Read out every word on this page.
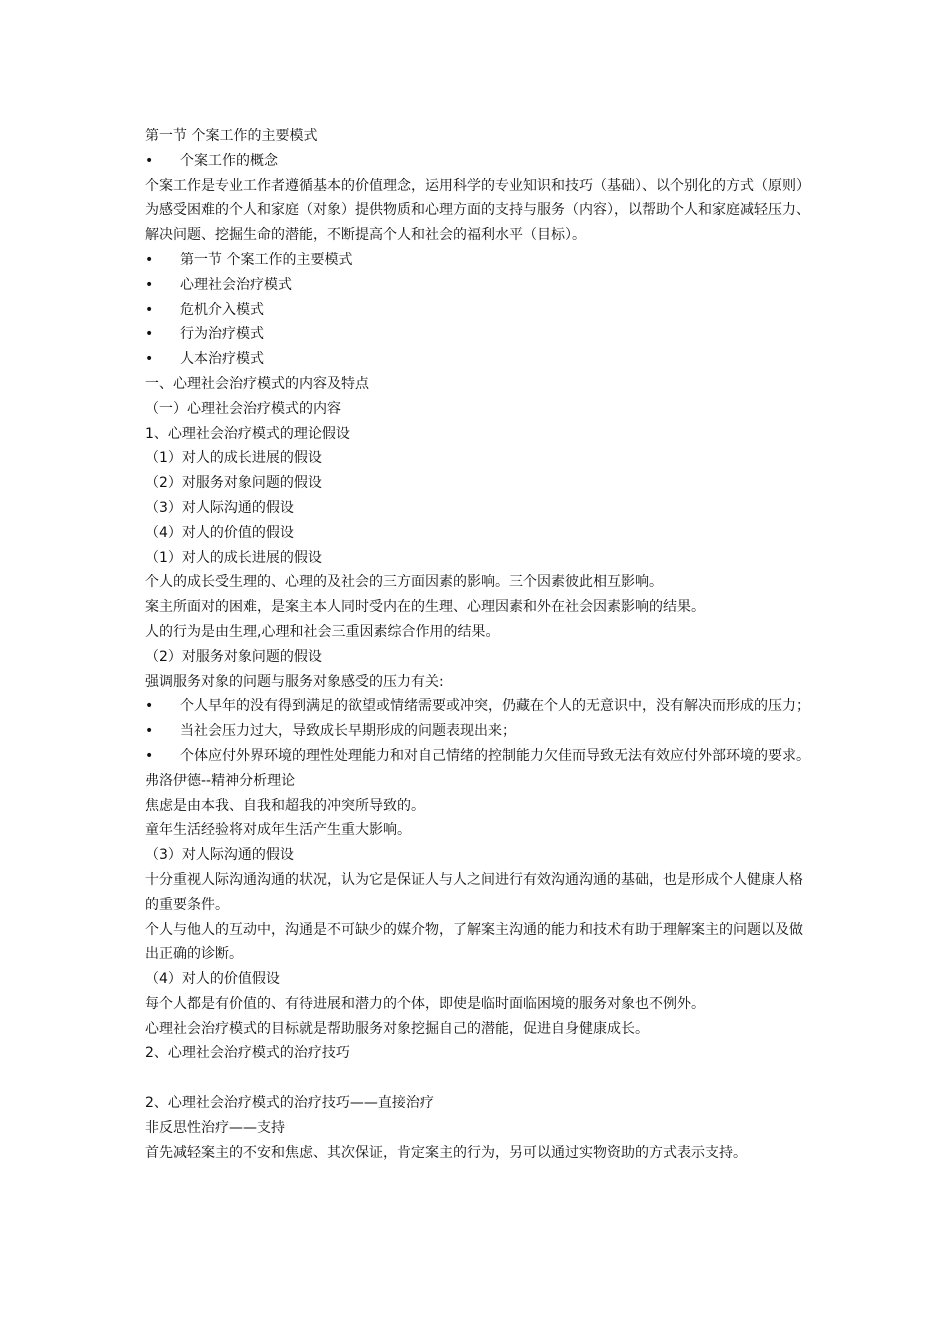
第一节 个案工作的主要模式
•	个案工作的概念
个案工作是专业工作者遵循基本的价值理念，运用科学的专业知识和技巧（基础）、以个别化的方式（原则）为感受困难的个人和家庭（对象）提供物质和心理方面的支持与服务（内容），以帮助个人和家庭减轻压力、解决问题、挖掘生命的潜能，不断提高个人和社会的福利水平（目标）。
•	第一节 个案工作的主要模式
•	心理社会治疗模式
•	危机介入模式
•	行为治疗模式
•	人本治疗模式
一、心理社会治疗模式的内容及特点
（一）心理社会治疗模式的内容
1、心理社会治疗模式的理论假设
（1）对人的成长进展的假设
（2）对服务对象问题的假设
（3）对人际沟通的假设
（4）对人的价值的假设
（1）对人的成长进展的假设
个人的成长受生理的、心理的及社会的三方面因素的影响。三个因素彼此相互影响。
案主所面对的困难，是案主本人同时受内在的生理、心理因素和外在社会因素影响的结果。
人的行为是由生理,心理和社会三重因素综合作用的结果。
（2）对服务对象问题的假设
强调服务对象的问题与服务对象感受的压力有关:
• 个人早年的没有得到满足的欲望或情绪需要或冲突，仍藏在个人的无意识中，没有解决而形成的压力；
•	当社会压力过大，导致成长早期形成的问题表现出来；
• 个体应付外界环境的理性处理能力和对自己情绪的控制能力欠佳而导致无法有效应付外部环境的要求。
弗洛伊德--精神分析理论
焦虑是由本我、自我和超我的冲突所导致的。
童年生活经验将对成年生活产生重大影响。
（3）对人际沟通的假设
十分重视人际沟通沟通的状况，认为它是保证人与人之间进行有效沟通沟通的基础，也是形成个人健康人格的重要条件。
个人与他人的互动中，沟通是不可缺少的媒介物，了解案主沟通的能力和技术有助于理解案主的问题以及做出正确的诊断。
（4）对人的价值假设
每个人都是有价值的、有待进展和潜力的个体，即使是临时面临困境的服务对象也不例外。
心理社会治疗模式的目标就是帮助服务对象挖掘自己的潜能，促进自身健康成长。
2、心理社会治疗模式的治疗技巧
2、心理社会治疗模式的治疗技巧——直接治疗
非反思性治疗——支持
首先减轻案主的不安和焦虑、其次保证，肯定案主的行为，另可以通过实物资助的方式表示支持。
